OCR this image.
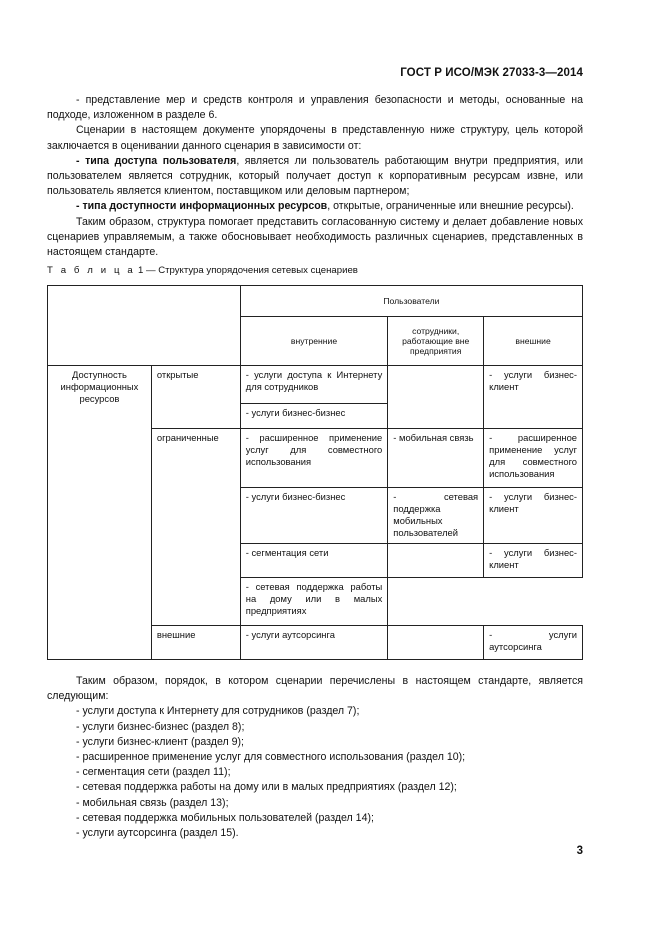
ГОСТ Р ИСО/МЭК 27033-3—2014

- представление мер и средств контроля и управления безопасности и методы, основанные на подходе, изложенном в разделе 6.

Сценарии в настоящем документе упорядочены в представленную ниже структуру, цель которой заключается в оценивании данного сценария в зависимости от:

- типа доступа пользователя, является ли пользователь работающим внутри предприятия, или пользователем является сотрудник, который получает доступ к корпоративным ресурсам извне, или пользователь является клиентом, поставщиком или деловым партнером;

- типа доступности информационных ресурсов, открытые, ограниченные или внешние ресурсы).

Таким образом, структура помогает представить согласованную систему и делает добавление новых сценариев управляемым, а также обосновывает необходимость различных сценариев, представленных в настоящем стандарте.

Т а б л и ц а 1 — Структура упорядочения сетевых сценариев
		Пользователи		
		внутренние	сотрудники, работающие вне предприятия	внешние
Доступность информационных ресурсов	открытые	- услуги доступа к Интернету для сотрудников		- услуги бизнес-клиент
		- услуги бизнес-бизнес		
	ограниченные	- расширенное применение услуг для совместного использования	- мобильная связь	- расширенное применение услуг для совместного использования
		- услуги бизнес-бизнес	- сетевая поддержка мобильных пользователей	- услуги бизнес-клиент
		- сегментация сети		- услуги бизнес-клиент
		- сетевая поддержка работы на дому или в малых предприятиях		
	внешние	- услуги аутсорсинга		- услуги аутсорсинга

Таким образом, порядок, в котором сценарии перечислены в настоящем стандарте, является следующим:

- услуги доступа к Интернету для сотрудников (раздел 7);
- услуги бизнес-бизнес (раздел 8);
- услуги бизнес-клиент (раздел 9);
- расширенное применение услуг для совместного использования (раздел 10);
- сегментация сети (раздел 11);
- сетевая поддержка работы на дому или в малых предприятиях (раздел 12);
- мобильная связь (раздел 13);
- сетевая поддержка мобильных пользователей (раздел 14);
- услуги аутсорсинга (раздел 15).
3
